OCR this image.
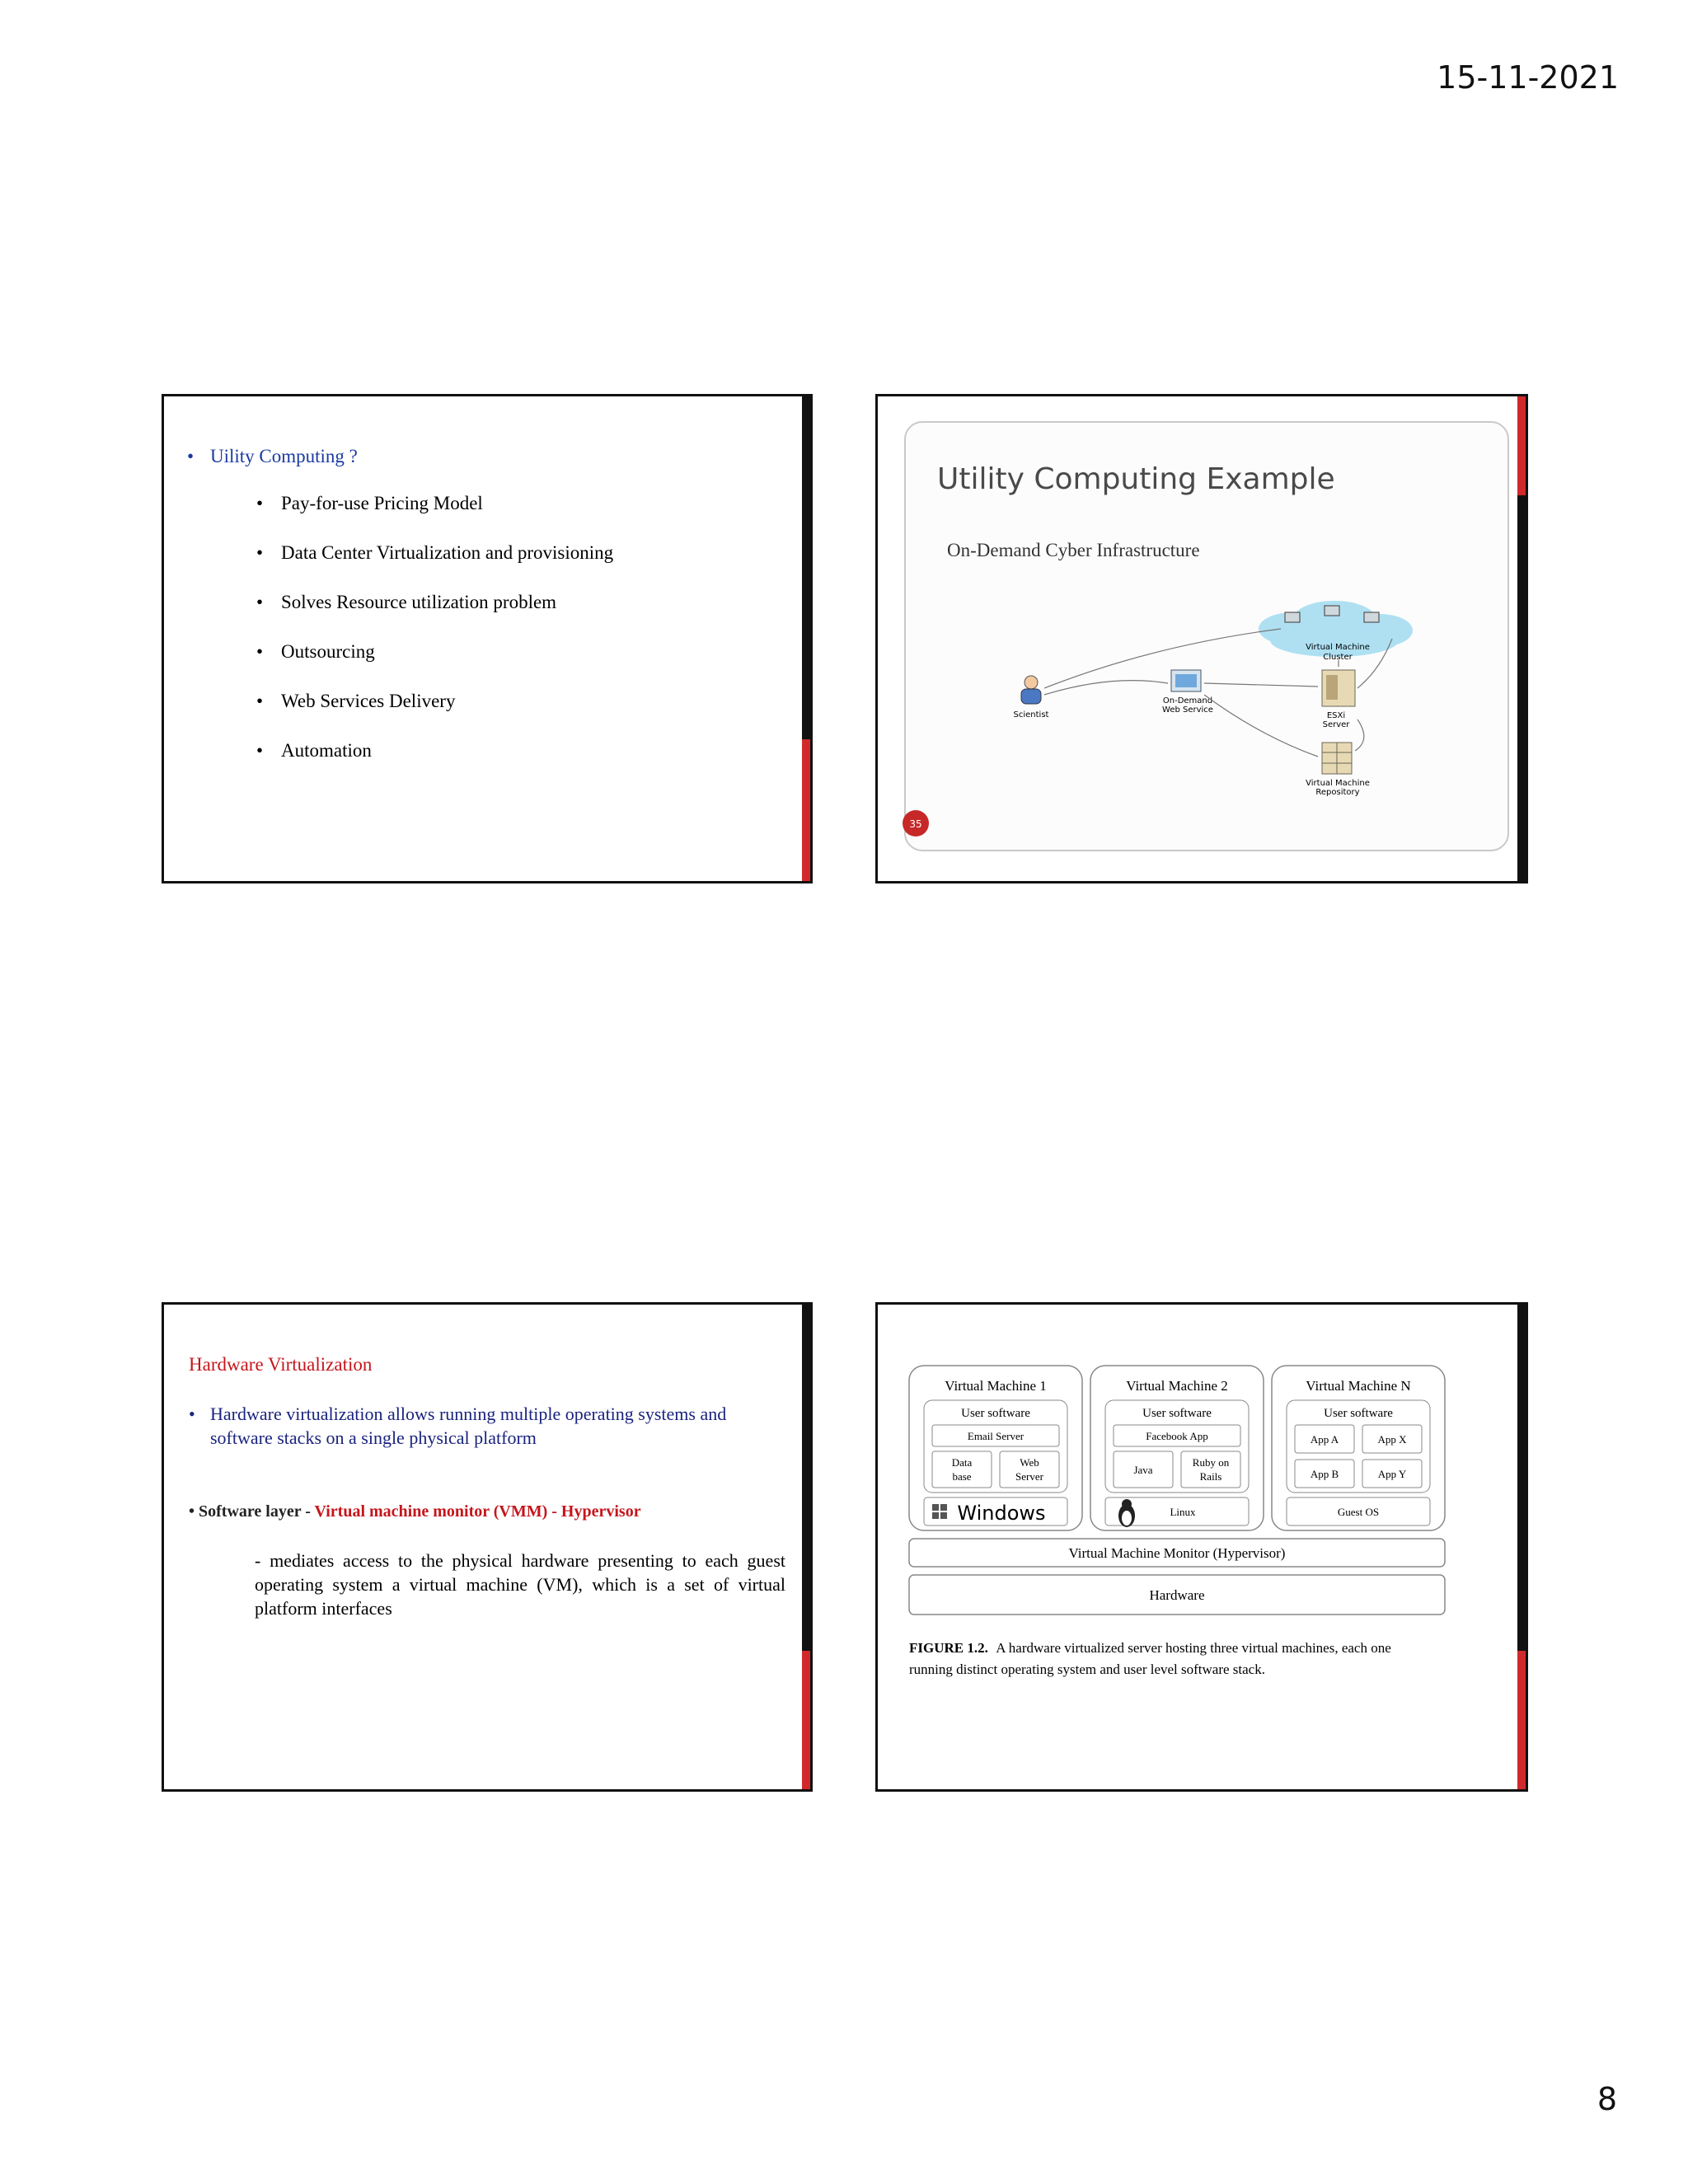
15-11-2021
• Uility Computing ?
• Pay-for-use Pricing Model
• Data Center Virtualization and provisioning
• Solves Resource utilization problem
• Outsourcing
• Web Services Delivery
• Automation
Utility Computing Example
On-Demand Cyber Infrastructure
Virtual Machine
Cluster
Scientist
On-Demand
Web Service
ESXi
Server
Virtual Machine
Repository
35
Hardware Virtualization
• Hardware virtualization allows running multiple operating systems and software stacks on a single physical platform
• Software layer - Virtual machine monitor (VMM) - Hypervisor
- mediates access to the physical hardware presenting to each guest operating system a virtual machine (VM), which is a set of virtual platform interfaces
Virtual Machine 1
User software
Email Server
Data
base
Web
Server
Windows
Virtual Machine 2
User software
Facebook App
Java
Ruby on
Rails
Linux
Virtual Machine N
User software
App A	App X
App B	App Y
Guest OS
Virtual Machine Monitor (Hypervisor)
Hardware
FIGURE 1.2. A hardware virtualized server hosting three virtual machines, each one
running distinct operating system and user level software stack.
8
